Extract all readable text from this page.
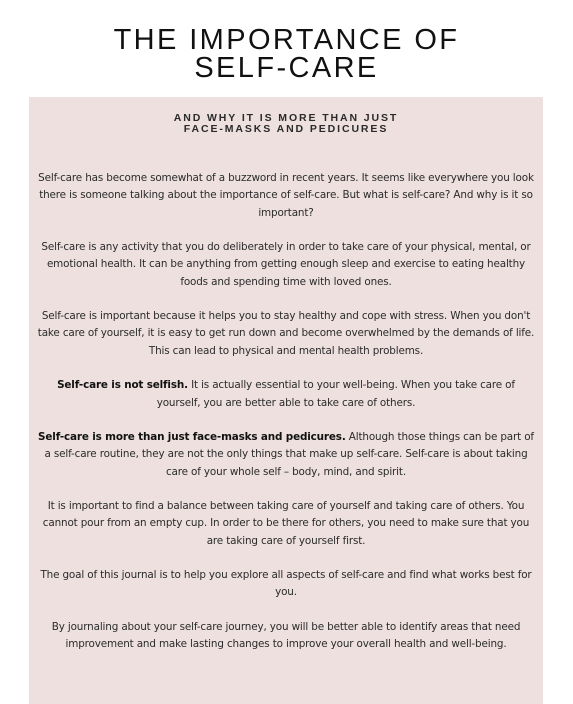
THE IMPORTANCE OF
SELF-CARE
AND WHY IT IS MORE THAN JUST
FACE-MASKS AND PEDICURES

Self-care has become somewhat of a buzzword in recent years. It seems like everywhere you look there is someone talking about the importance of self-care. But what is self-care? And why is it so important?

Self-care is any activity that you do deliberately in order to take care of your physical, mental, or emotional health. It can be anything from getting enough sleep and exercise to eating healthy foods and spending time with loved ones.

Self-care is important because it helps you to stay healthy and cope with stress. When you don't take care of yourself, it is easy to get run down and become overwhelmed by the demands of life. This can lead to physical and mental health problems.

Self-care is not selfish. It is actually essential to your well-being. When you take care of yourself, you are better able to take care of others.

Self-care is more than just face-masks and pedicures. Although those things can be part of a self-care routine, they are not the only things that make up self-care. Self-care is about taking care of your whole self – body, mind, and spirit.

It is important to find a balance between taking care of yourself and taking care of others. You cannot pour from an empty cup. In order to be there for others, you need to make sure that you are taking care of yourself first.

The goal of this journal is to help you explore all aspects of self-care and find what works best for you.

By journaling about your self-care journey, you will be better able to identify areas that need improvement and make lasting changes to improve your overall health and well-being.
